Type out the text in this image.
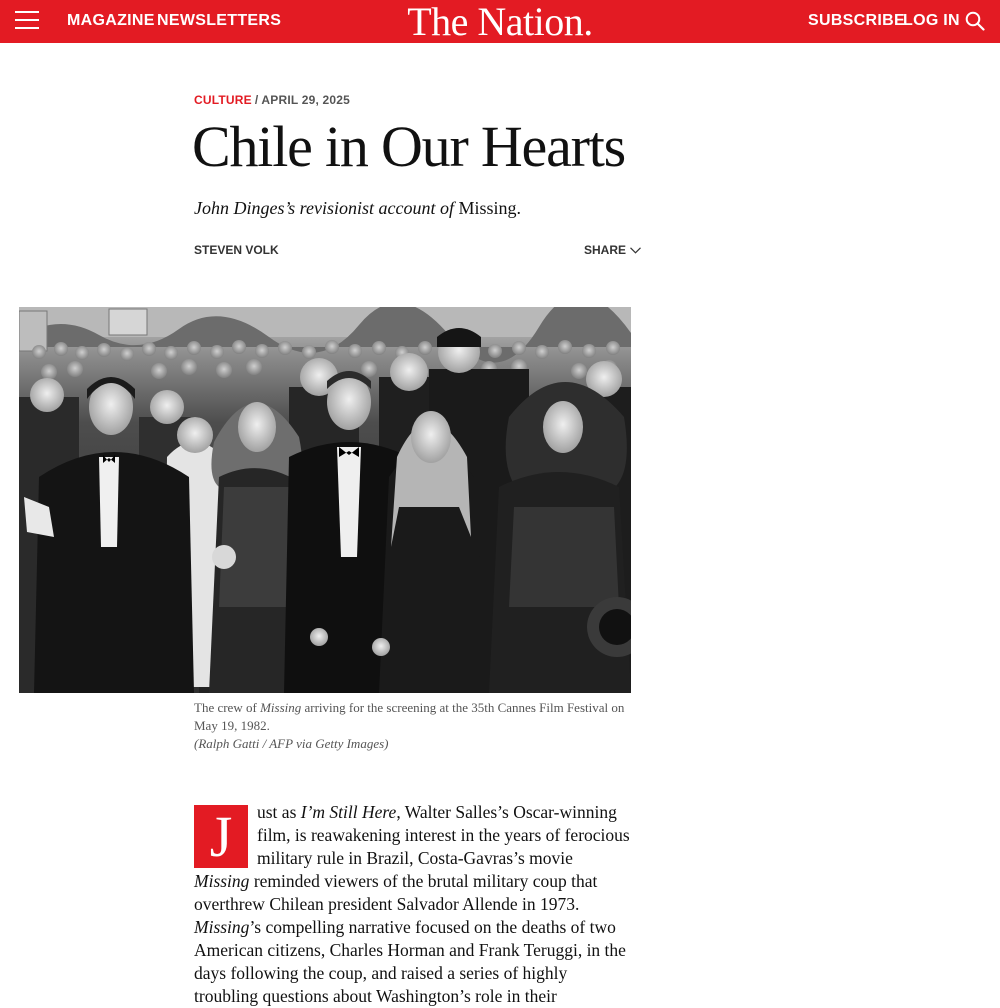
MAGAZINE NEWSLETTERS	The Nation.	SUBSCRIBE
LOG IN
CULTURE / APRIL 29, 2025
Chile in Our Hearts

John Dinges’s revisionist account of Missing.

STEVEN VOLK	SHARE
The crew of Missing arriving for the screening at the 35th Cannes Film Festival on May 19, 1982.
(Ralph Gatti / AFP via Getty Images)
J	ust as I’m Still Here, Walter Salles’s Oscar-winning film, is reawakening interest in the years of ferocious military rule in Brazil, Costa-Gavras’s movie Missing reminded viewers of the brutal military coup that overthrew Chilean president Salvador Allende in 1973. Missing’s compelling narrative focused on the deaths of two American citizens, Charles Horman and Frank Teruggi, in the days following the coup, and raised a series of highly troubling questions about Washington’s role in their
